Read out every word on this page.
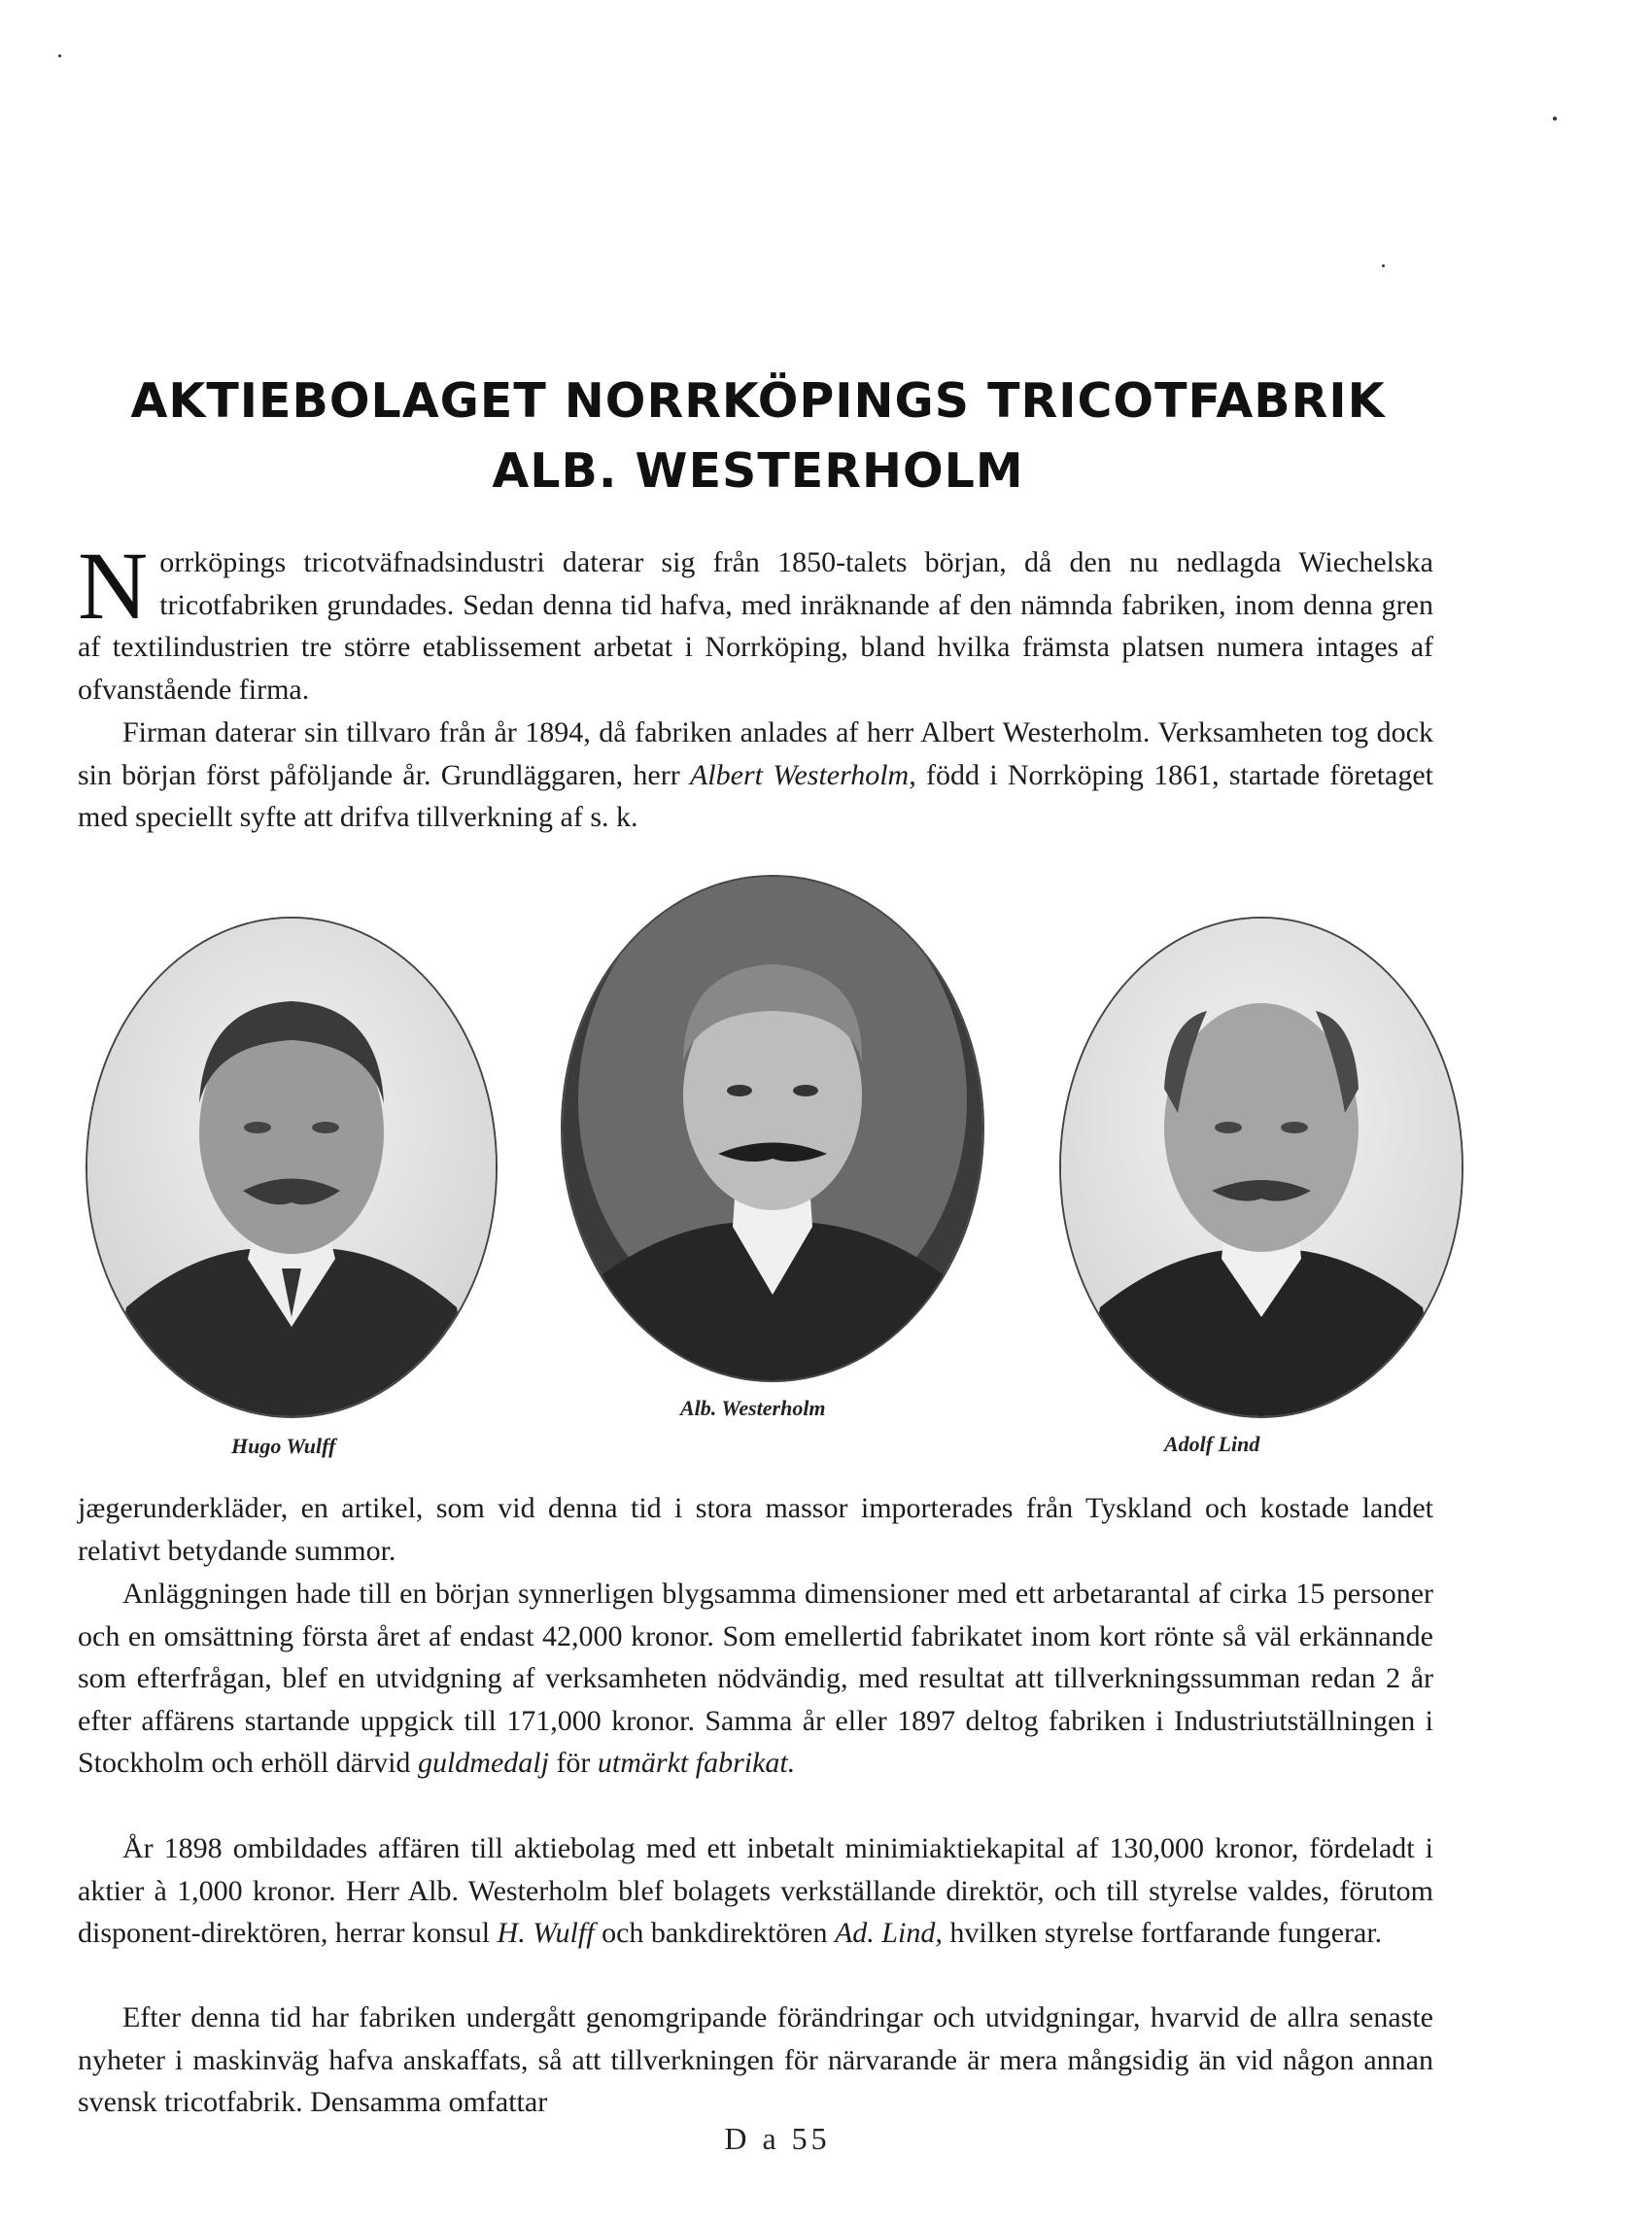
AKTIEBOLAGET NORRKÖPINGS TRICOTFABRIK
ALB. WESTERHOLM

Norrköpings tricotväfnadsindustri daterar sig från 1850-talets början, då den nu nedlagda Wiechelska tricotfabriken grundades. Sedan denna tid hafva, med inräknande af den nämnda fabriken, inom denna gren af textilindustrien tre större etablissement arbetat i Norrköping, bland hvilka främsta platsen numera intages af ofvanstående firma.

Firman daterar sin tillvaro från år 1894, då fabriken anlades af herr Albert Westerholm. Verksamheten tog dock sin början först påföljande år. Grundläggaren, herr Albert Westerholm, född i Norrköping 1861, startade företaget med speciellt syfte att drifva tillverkning af s. k.

Hugo Wulff
Alb. Westerholm
Adolf Lind

jægerunderkläder, en artikel, som vid denna tid i stora massor importerades från Tyskland och kostade landet relativt betydande summor.

Anläggningen hade till en början synnerligen blygsamma dimensioner med ett arbetarantal af cirka 15 personer och en omsättning första året af endast 42,000 kronor. Som emellertid fabrikatet inom kort rönte så väl erkännande som efterfrågan, blef en utvidgning af verksamheten nödvändig, med resultat att tillverkningssumman redan 2 år efter affärens startande uppgick till 171,000 kronor. Samma år eller 1897 deltog fabriken i Industriutställningen i Stockholm och erhöll därvid guldmedalj för utmärkt fabrikat.

År 1898 ombildades affären till aktiebolag med ett inbetalt minimiaktiekapital af 130,000 kronor, fördeladt i aktier à 1,000 kronor. Herr Alb. Westerholm blef bolagets verkställande direktör, och till styrelse valdes, förutom disponent-direktören, herrar konsul H. Wulff och bankdirektören Ad. Lind, hvilken styrelse fortfarande fungerar.

Efter denna tid har fabriken undergått genomgripande förändringar och utvidgningar, hvarvid de allra senaste nyheter i maskinväg hafva anskaffats, så att tillverkningen för närvarande är mera mångsidig än vid någon annan svensk tricotfabrik. Densamma omfattar

D a 55
